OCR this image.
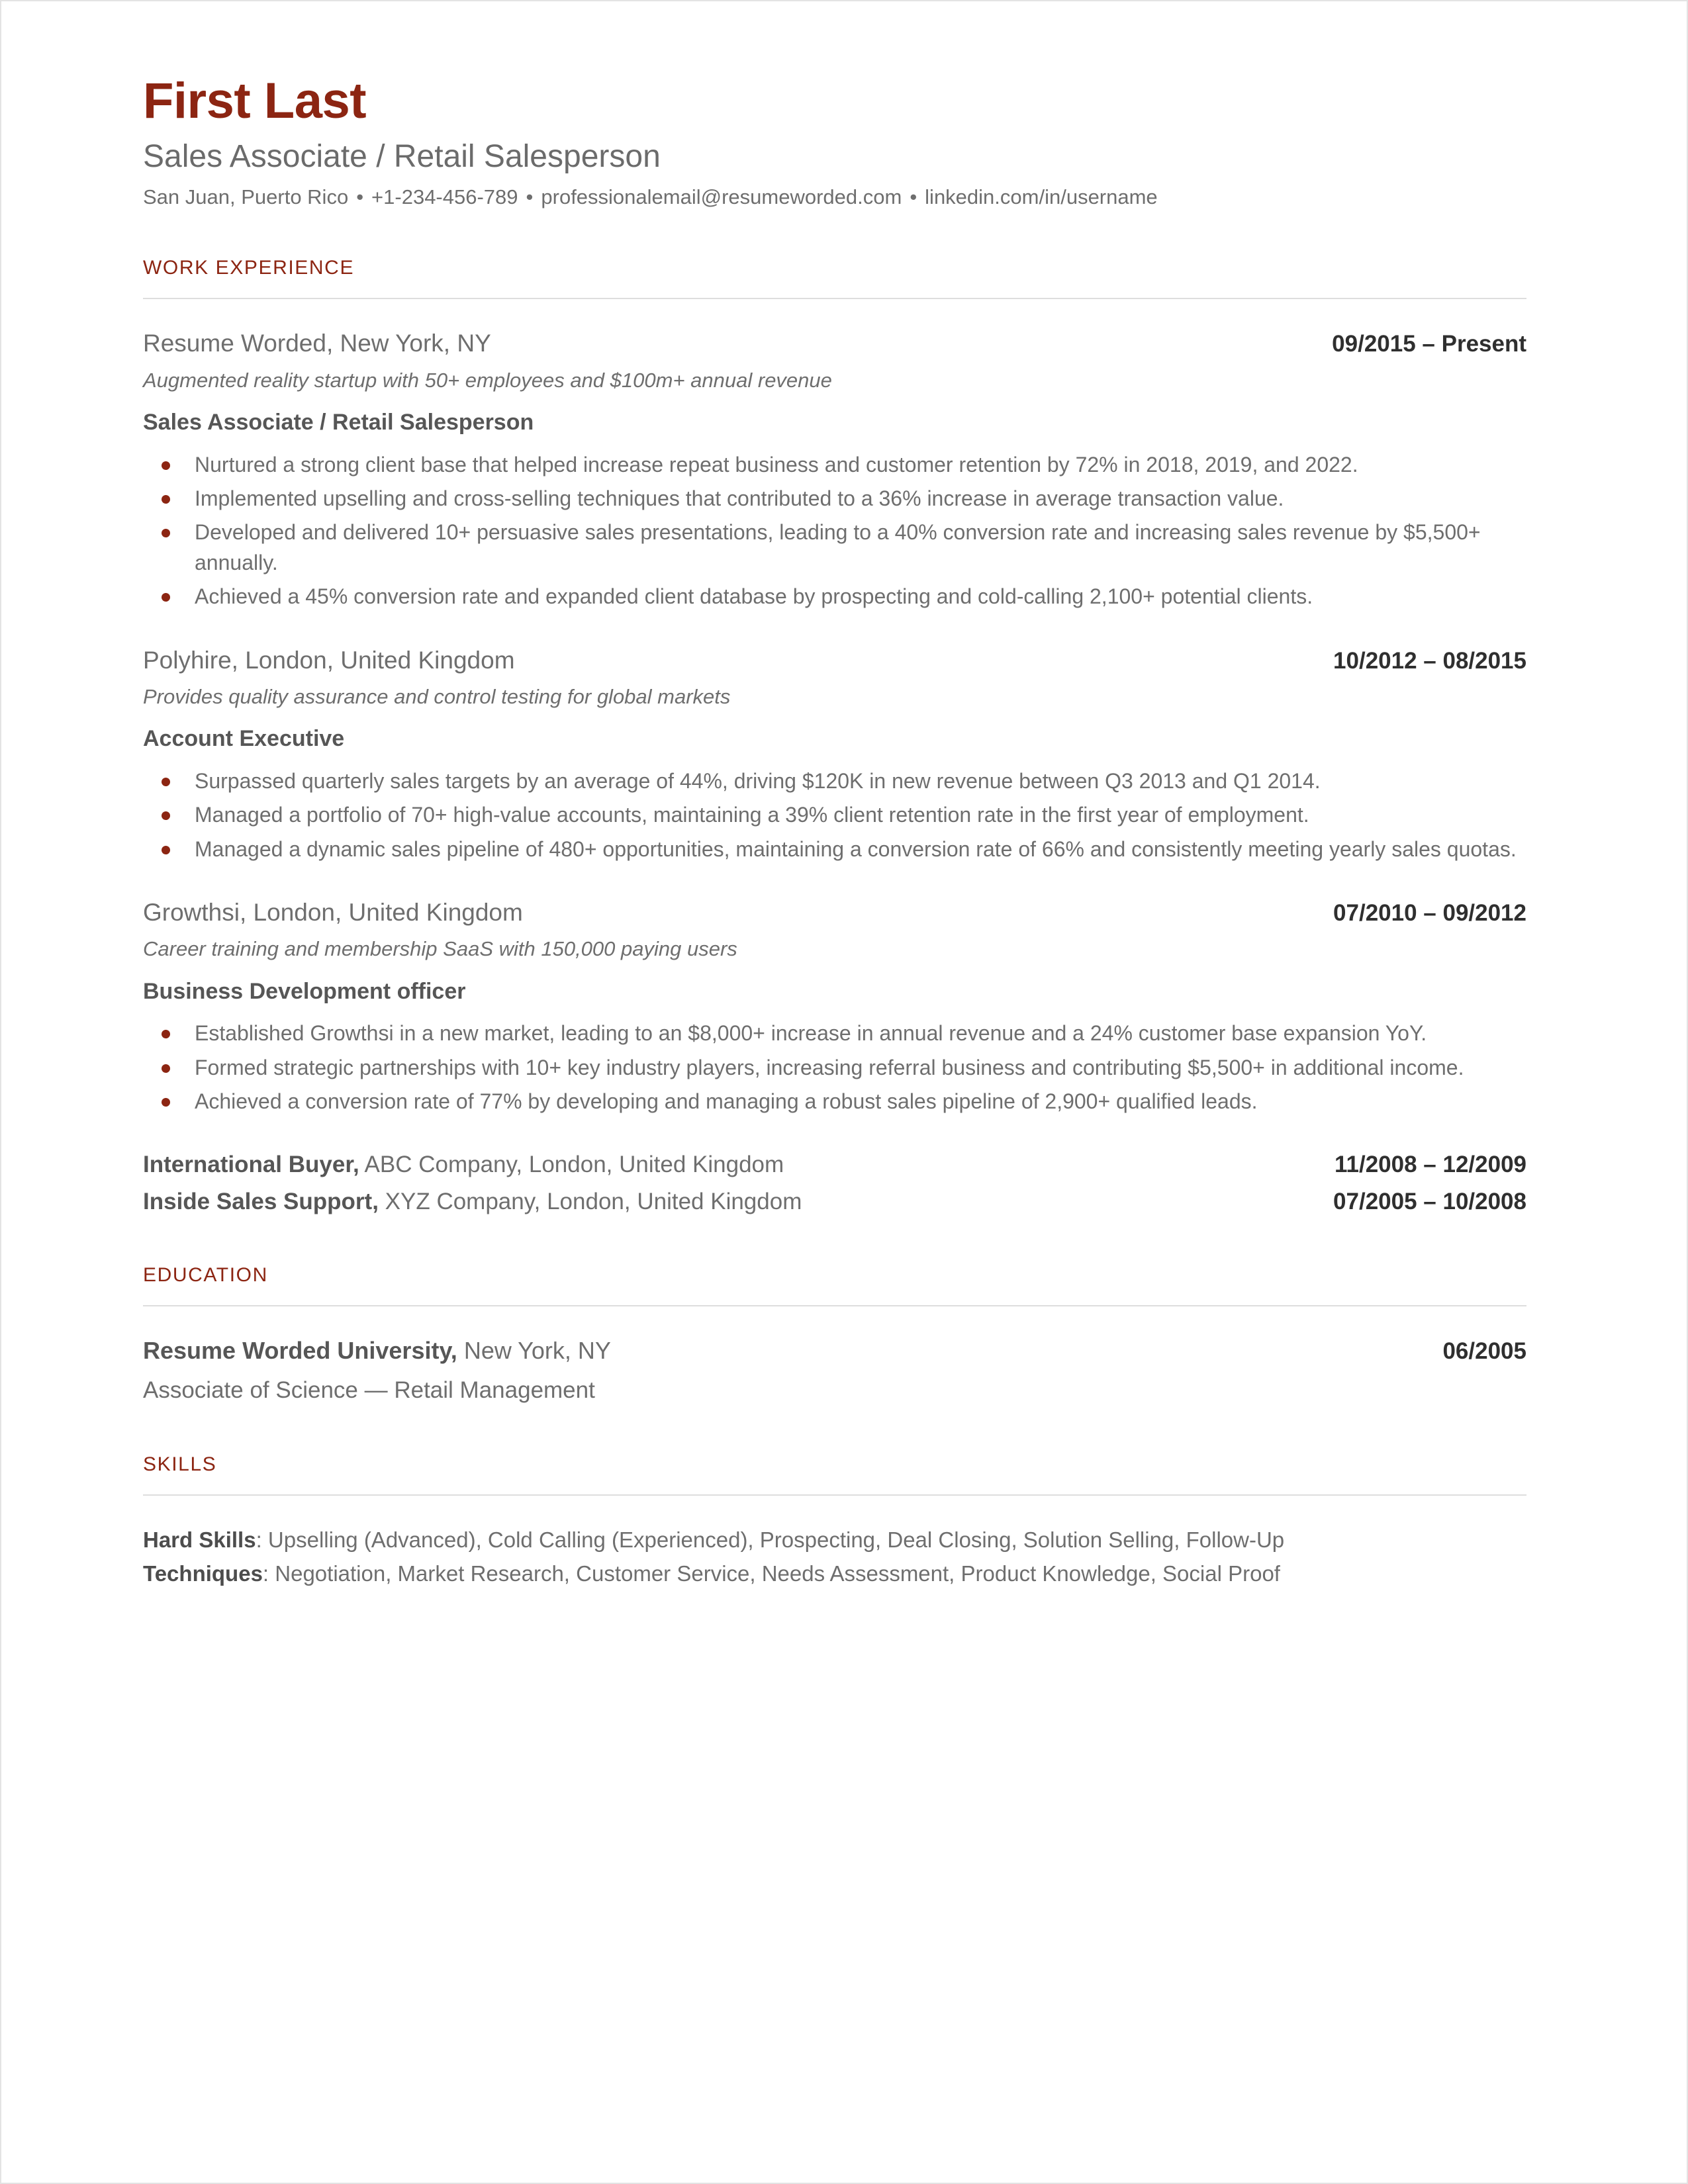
First Last
Sales Associate / Retail Salesperson
San Juan, Puerto Rico • +1-234-456-789 • professionalemail@resumeworded.com • linkedin.com/in/username
WORK EXPERIENCE
Resume Worded, New York, NY	09/2015 – Present
Augmented reality startup with 50+ employees and $100m+ annual revenue
Sales Associate / Retail Salesperson
Nurtured a strong client base that helped increase repeat business and customer retention by 72% in 2018, 2019, and 2022.
Implemented upselling and cross-selling techniques that contributed to a 36% increase in average transaction value.
Developed and delivered 10+ persuasive sales presentations, leading to a 40% conversion rate and increasing sales revenue by $5,500+ annually.
Achieved a 45% conversion rate and expanded client database by prospecting and cold-calling 2,100+ potential clients.
Polyhire, London, United Kingdom	10/2012 – 08/2015
Provides quality assurance and control testing for global markets
Account Executive
Surpassed quarterly sales targets by an average of 44%, driving $120K in new revenue between Q3 2013 and Q1 2014.
Managed a portfolio of 70+ high-value accounts, maintaining a 39% client retention rate in the first year of employment.
Managed a dynamic sales pipeline of 480+ opportunities, maintaining a conversion rate of 66% and consistently meeting yearly sales quotas.
Growthsi, London, United Kingdom	07/2010 – 09/2012
Career training and membership SaaS with 150,000 paying users
Business Development officer
Established Growthsi in a new market, leading to an $8,000+ increase in annual revenue and a 24% customer base expansion YoY.
Formed strategic partnerships with 10+ key industry players, increasing referral business and contributing $5,500+ in additional income.
Achieved a conversion rate of 77% by developing and managing a robust sales pipeline of 2,900+ qualified leads.
International Buyer, ABC Company, London, United Kingdom	11/2008 – 12/2009
Inside Sales Support, XYZ Company, London, United Kingdom	07/2005 – 10/2008
EDUCATION
Resume Worded University, New York, NY	06/2005
Associate of Science — Retail Management
SKILLS
Hard Skills: Upselling (Advanced), Cold Calling (Experienced), Prospecting, Deal Closing, Solution Selling, Follow-Up
Techniques: Negotiation, Market Research, Customer Service, Needs Assessment, Product Knowledge, Social Proof
